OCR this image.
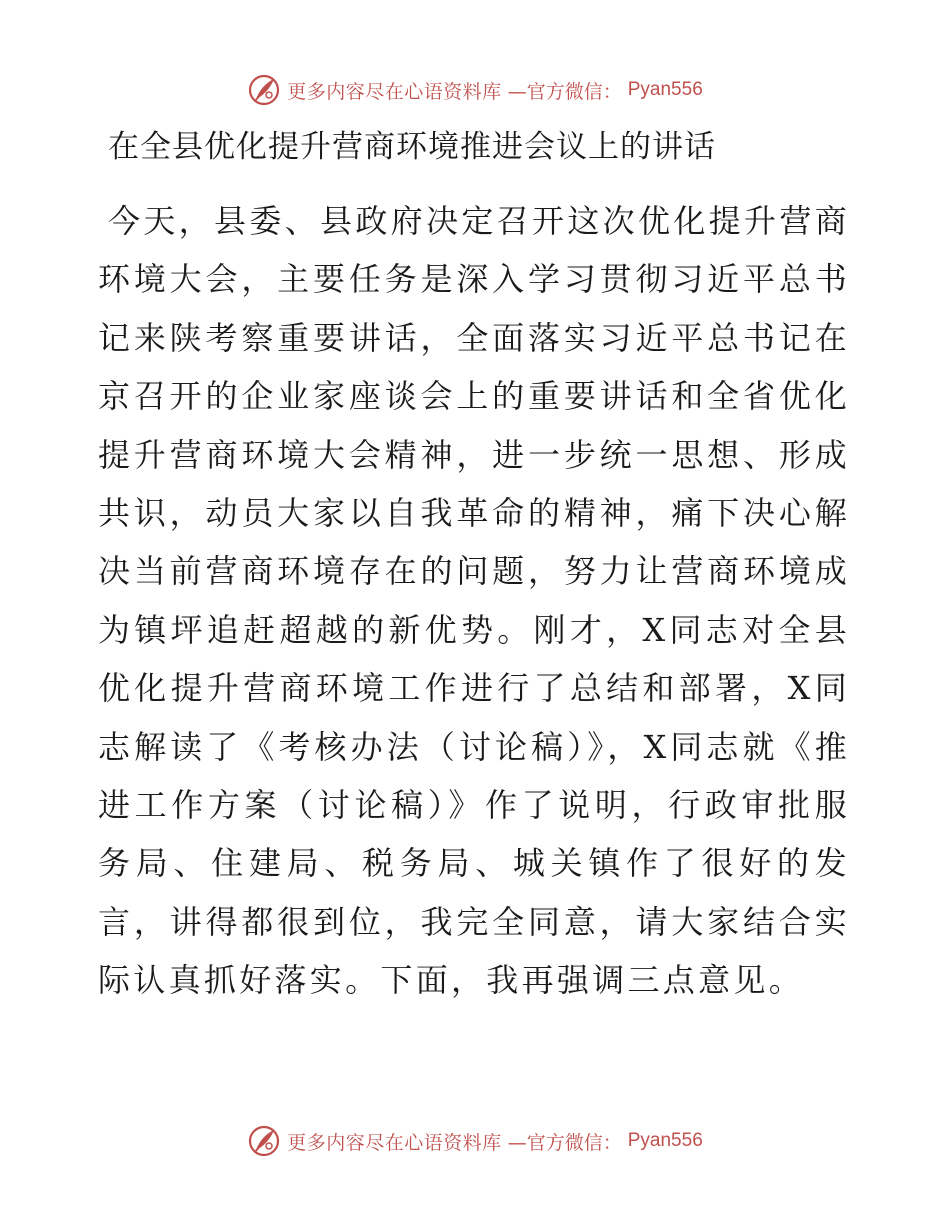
更多内容尽在心语资料库 —官方微信： Pyan556
在全县优化提升营商环境推进会议上的讲话

今天，县委、县政府决定召开这次优化提升营商环境大会，主要任务是深入学习贯彻习近平总书记来陕考察重要讲话，全面落实习近平总书记在京召开的企业家座谈会上的重要讲话和全省优化提升营商环境大会精神，进一步统一思想、形成共识，动员大家以自我革命的精神，痛下决心解决当前营商环境存在的问题，努力让营商环境成为镇坪追赶超越的新优势。刚才，X同志对全县优化提升营商环境工作进行了总结和部署，X同志解读了《考核办法（讨论稿）》，X同志就《推进工作方案（讨论稿）》作了说明，行政审批服务局、住建局、税务局、城关镇作了很好的发言，讲得都很到位，我完全同意，请大家结合实际认真抓好落实。下面，我再强调三点意见。

更多内容尽在心语资料库 —官方微信： Pyan556
